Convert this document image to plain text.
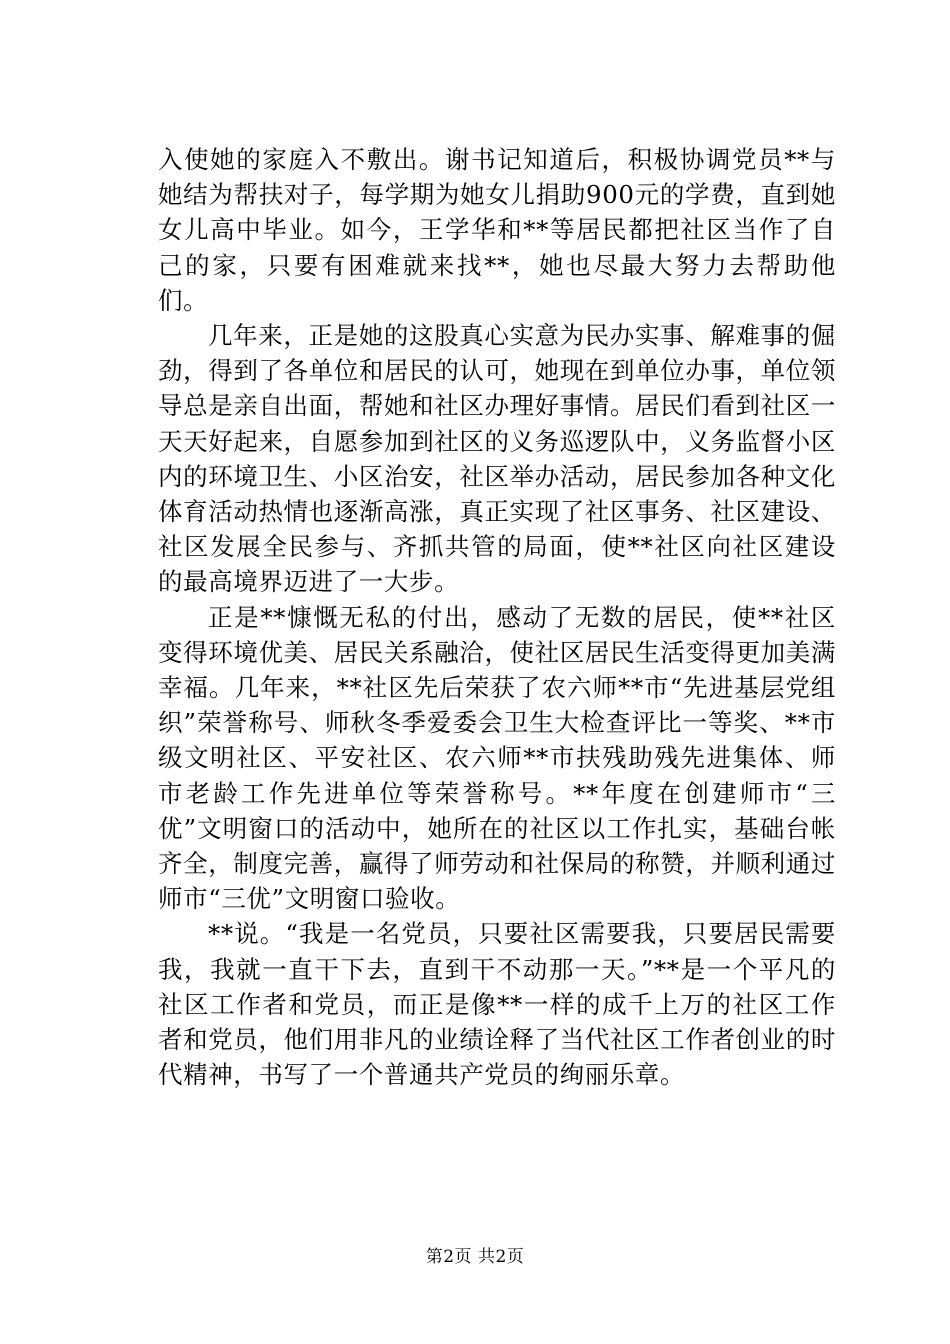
入使她的家庭入不敷出。谢书记知道后，积极协调党员**与她结为帮扶对子，每学期为她女儿捐助900元的学费，直到她女儿高中毕业。如今，王学华和**等居民都把社区当作了自己的家，只要有困难就来找**，她也尽最大努力去帮助他们。

几年来，正是她的这股真心实意为民办实事、解难事的倔劲，得到了各单位和居民的认可，她现在到单位办事，单位领导总是亲自出面，帮她和社区办理好事情。居民们看到社区一天天好起来，自愿参加到社区的义务巡逻队中，义务监督小区内的环境卫生、小区治安，社区举办活动，居民参加各种文化体育活动热情也逐渐高涨，真正实现了社区事务、社区建设、社区发展全民参与、齐抓共管的局面，使**社区向社区建设的最高境界迈进了一大步。

正是**慷慨无私的付出，感动了无数的居民，使**社区变得环境优美、居民关系融洽，使社区居民生活变得更加美满幸福。几年来，**社区先后荣获了农六师**市“先进基层党组织”荣誉称号、师秋冬季爱委会卫生大检查评比一等奖、**市级文明社区、平安社区、农六师**市扶残助残先进集体、师市老龄工作先进单位等荣誉称号。**年度在创建师市“三优”文明窗口的活动中，她所在的社区以工作扎实，基础台帐齐全，制度完善，赢得了师劳动和社保局的称赞，并顺利通过师市“三优”文明窗口验收。

**说。“我是一名党员，只要社区需要我，只要居民需要我，我就一直干下去，直到干不动那一天。”**是一个平凡的社区工作者和党员，而正是像**一样的成千上万的社区工作者和党员，他们用非凡的业绩诠释了当代社区工作者创业的时代精神，书写了一个普通共产党员的绚丽乐章。

第2页 共2页
